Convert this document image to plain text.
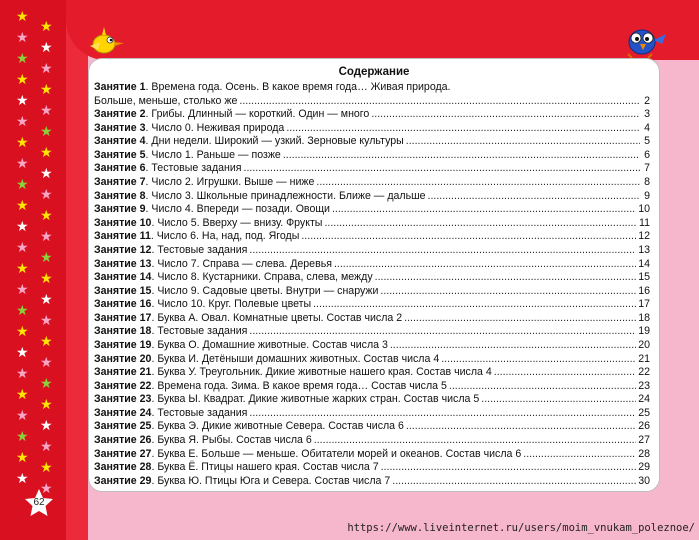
★
★
★
★
★
★
★
★
★
★
★
★
★
★
★
★
★
★
★
★
★
★
★
★
★
★
★
★
★
★
★
★
★
★
★
★
★
★
★
★
★
★
★
★
★
★
Содержание
Занятие 1. Времена года. Осень. В какое время года… Живая природа.
Больше, меньше, столько же .....	2
Занятие 2 . Грибы. Длинный — короткий. Один — много .....	3
Занятие 3 . Число 0. Неживая природа .....	4
Занятие 4 . Дни недели. Широкий — узкий. Зерновые культуры .....	5
Занятие 5 . Число 1. Раньше — позже .....	6
Занятие 6 . Тестовые задания .....	7
Занятие 7 . Число 2. Игрушки. Выше — ниже .....	8
Занятие 8 . Число 3. Школьные принадлежности. Ближе — дальше .....	9
Занятие 9 . Число 4. Впереди — позади. Овощи .....	10
Занятие 10 . Число 5. Вверху — внизу. Фрукты .....	11
Занятие 11 . Число 6. На, над, под. Ягоды .....	12
Занятие 12 . Тестовые задания .....	13
Занятие 13 . Число 7. Справа — слева. Деревья .....	14
Занятие 14 . Число 8. Кустарники. Справа, слева, между .....	15
Занятие 15 . Число 9. Садовые цветы. Внутри — снаружи .....	16
Занятие 16 . Число 10. Круг. Полевые цветы .....	17
Занятие 17 . Буква А. Овал. Комнатные цветы. Состав числа 2 .....	18
Занятие 18 . Тестовые задания .....	19
Занятие 19 . Буква О. Домашние животные. Состав числа 3 .....	20
Занятие 20 . Буква И. Детёныши домашних животных. Состав числа 4 .....	21
Занятие 21 . Буква У. Треугольник. Дикие животные нашего края. Состав числа 4 .....	22
Занятие 22 . Времена года. Зима. В какое время года… Состав числа 5 .....	23
Занятие 23 . Буква Ы. Квадрат. Дикие животные жарких стран. Состав числа 5 .....	24
Занятие 24 . Тестовые задания .....	25
Занятие 25 . Буква Э. Дикие животные Севера. Состав числа 6 .....	26
Занятие 26 . Буква Я. Рыбы. Состав числа 6 .....	27
Занятие 27 . Буква Е. Больше — меньше. Обитатели морей и океанов. Состав числа 6 .....	28
Занятие 28 . Буква Ё. Птицы нашего края. Состав числа 7 .....	29
Занятие 29 . Буква Ю. Птицы Юга и Севера. Состав числа 7 .....	30
62
https://www.liveinternet.ru/users/moim_vnukam_poleznoe/
